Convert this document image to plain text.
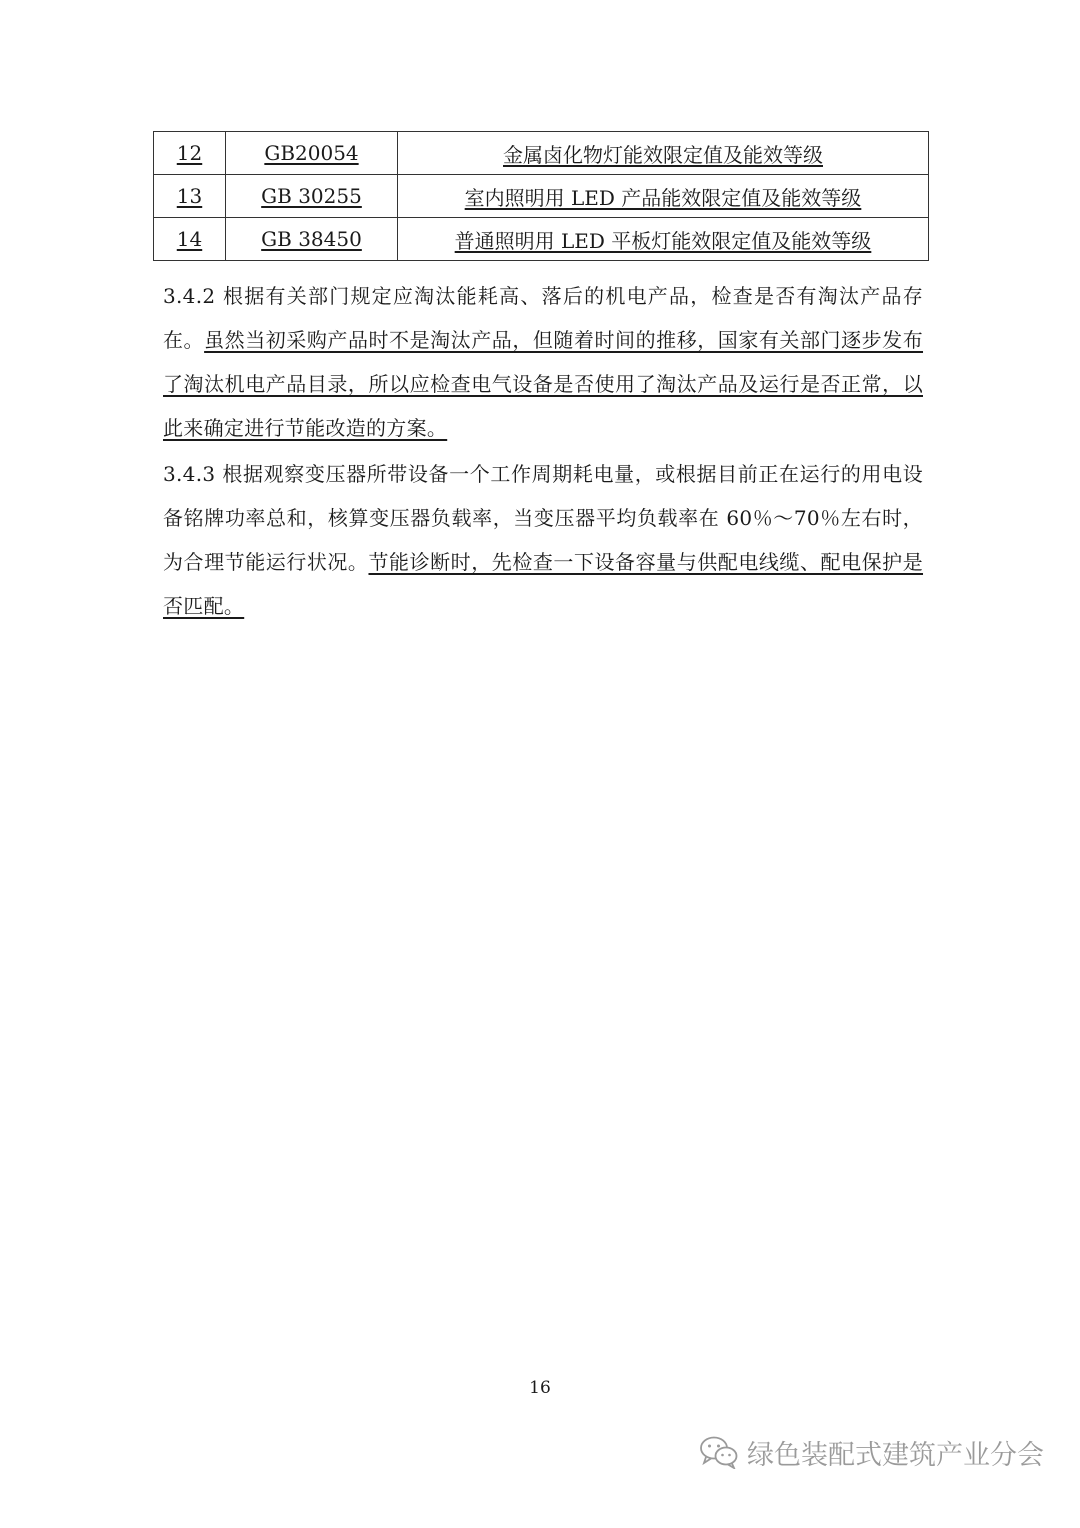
12	GB20054	金属卤化物灯能效限定值及能效等级
13	GB 30255	室内照明用 LED 产品能效限定值及能效等级
14	GB 38450	普通照明用 LED 平板灯能效限定值及能效等级

3.4.2 根据有关部门规定应淘汰能耗高、落后的机电产品，检查是否有淘汰产品存在。虽然当初采购产品时不是淘汰产品，但随着时间的推移，国家有关部门逐步发布了淘汰机电产品目录，所以应检查电气设备是否使用了淘汰产品及运行是否正常，以此来确定进行节能改造的方案。

3.4.3 根据观察变压器所带设备一个工作周期耗电量，或根据目前正在运行的用电设备铭牌功率总和，核算变压器负载率，当变压器平均负载率在 60％～70％左右时，为合理节能运行状况。节能诊断时，先检查一下设备容量与供配电线缆、配电保护是否匹配。

16
绿色装配式建筑产业分会
